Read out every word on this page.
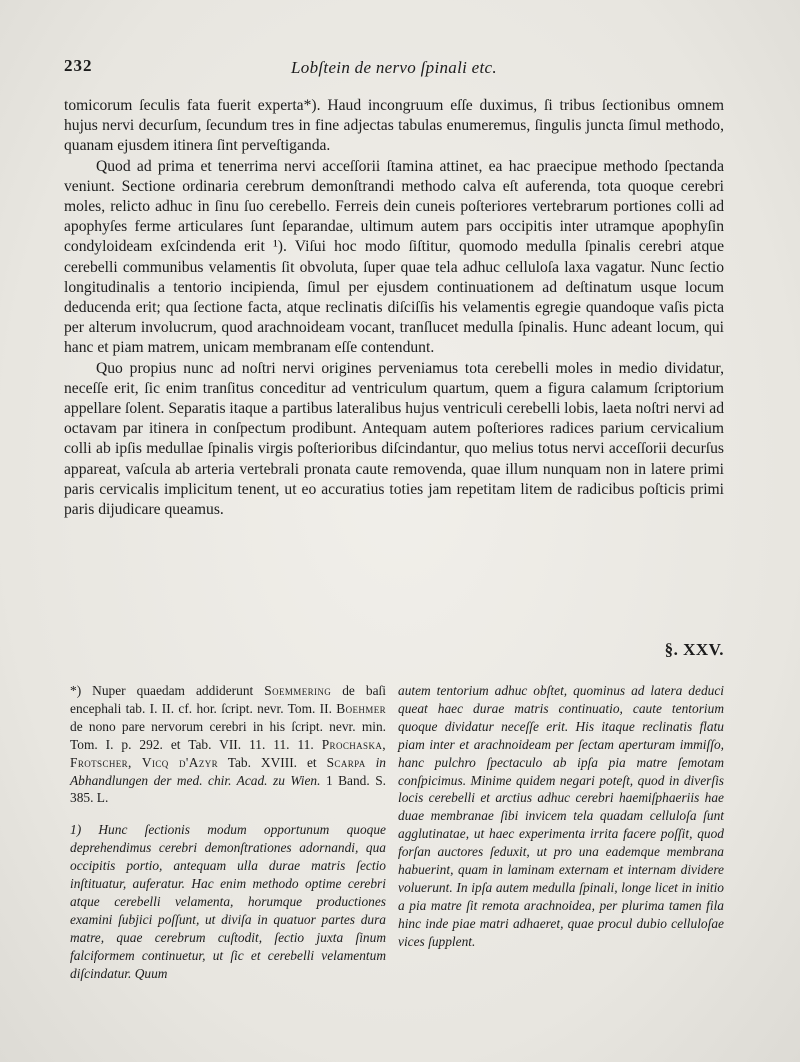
232	Lobſtein de nervo ſpinali etc.

tomicorum ſeculis fata fuerit experta*). Haud incongruum eſſe duximus, ſi tribus ſectionibus omnem hujus nervi decurſum, ſecundum tres in fine adjectas tabulas enumeremus, ſingulis juncta ſimul methodo, quanam ejusdem itinera ſint perveſtiganda.

Quod ad prima et tenerrima nervi acceſſorii ſtamina attinet, ea hac praecipue methodo ſpectanda veniunt. Sectione ordinaria cerebrum demonſtrandi methodo calva eſt auferenda, tota quoque cerebri moles, relicto adhuc in ſinu ſuo cerebello. Ferreis dein cuneis poſteriores vertebrarum portiones colli ad apophyſes ferme articulares ſunt ſeparandae, ultimum autem pars occipitis inter utramque apophyſin condyloideam exſcindenda erit ¹). Viſui hoc modo ſiſtitur, quomodo medulla ſpinalis cerebri atque cerebelli communibus velamentis ſit obvoluta, ſuper quae tela adhuc celluloſa laxa vagatur. Nunc ſectio longitudinalis a tentorio incipienda, ſimul per ejusdem continuationem ad deſtinatum usque locum deducenda erit; qua ſectione facta, atque reclinatis diſciſſis his velamentis egregie quandoque vaſis picta per alterum involucrum, quod arachnoideam vocant, tranſlucet medulla ſpinalis. Hunc adeant locum, qui hanc et piam matrem, unicam membranam eſſe contendunt.

Quo propius nunc ad noſtri nervi origines perveniamus tota cerebelli moles in medio dividatur, neceſſe erit, ſic enim tranſitus conceditur ad ventriculum quartum, quem a figura calamum ſcriptorium appellare ſolent. Separatis itaque a partibus lateralibus hujus ventriculi cerebelli lobis, laeta noſtri nervi ad octavam par itinera in conſpectum prodibunt. Antequam autem poſteriores radices parium cervicalium colli ab ipſis medullae ſpinalis virgis poſterioribus diſcindantur, quo melius totus nervi acceſſorii decurſus appareat, vaſcula ab arteria vertebrali pronata caute removenda, quae illum nunquam non in latere primi paris cervicalis implicitum tenent, ut eo accuratius toties jam repetitam litem de radicibus poſticis primi paris dijudicare queamus.

§. XXV.

*) Nuper quaedam addiderunt Soemmering de baſi encephali tab. I. II. cf. hor. ſcript. nevr. Tom. II. Boehmer de nono pare nervorum cerebri in his ſcript. nevr. min. Tom. I. p. 292. et Tab. VII. 11. 11. 11. Prochaska, Frotscher, Vicq d'Azyr Tab. XVIII. et Scarpa in Abhandlungen der med. chir. Acad. zu Wien. 1 Band. S. 385. L.

1) Hunc ſectionis modum opportunum quoque deprehendimus cerebri demonſtrationes adornandi, qua occipitis portio, antequam ulla durae matris ſectio inſtituatur, auferatur. Hac enim methodo optime cerebri atque cerebelli velamenta, horumque productiones examini ſubjici poſſunt, ut diviſa in quatuor partes dura matre, quae cerebrum cuſtodit, ſectio juxta ſinum falciformem continuetur, ut ſic et cerebelli velamentum diſcindatur. Quum

autem tentorium adhuc obſtet, quominus ad latera deduci queat haec durae matris continuatio, caute tentorium quoque dividatur neceſſe erit. His itaque reclinatis flatu piam inter et arachnoideam per ſectam aperturam immiſſo, hanc pulchro ſpectaculo ab ipſa pia matre ſemotam conſpicimus. Minime quidem negari poteſt, quod in diverſis locis cerebelli et arctius adhuc cerebri haemiſphaeriis hae duae membranae ſibi invicem tela quadam celluloſa ſunt agglutinatae, ut haec experimenta irrita facere poſſit, quod forſan auctores ſeduxit, ut pro una eademque membrana habuerint, quam in laminam externam et internam dividere voluerunt. In ipſa autem medulla ſpinali, longe licet in initio a pia matre ſit remota arachnoidea, per plurima tamen fila hinc inde piae matri adhaeret, quae procul dubio celluloſae vices ſupplent.
